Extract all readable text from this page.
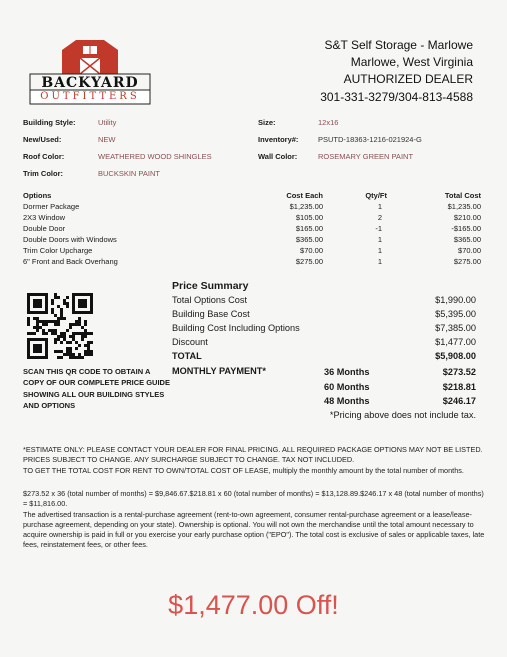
BACKYARD
OUTFITTERS
S&T Self Storage - Marlowe
Marlowe, West Virginia
AUTHORIZED DEALER
301-331-3279/304-813-4588
Building Style:	Utility	Size:	12x16
New/Used:	NEW	Inventory#:	PSUTD-18363-1216-021924-G
Roof Color:	WEATHERED WOOD SHINGLES	Wall Color:	ROSEMARY GREEN PAINT
Trim Color:	BUCKSKIN PAINT
Options	Cost Each	Qty/Ft	Total Cost
Dormer Package	$1,235.00	1	$1,235.00
2X3 Window	$105.00	2	$210.00
Double Door	$165.00	-1	-$165.00
Double Doors with Windows	$365.00	1	$365.00
Trim Color Upcharge	$70.00	1	$70.00
6" Front and Back Overhang	$275.00	1	$275.00
SCAN THIS QR CODE TO OBTAIN A COPY OF OUR COMPLETE PRICE GUIDE SHOWING ALL OUR BUILDING STYLES AND OPTIONS
Price Summary
Total Options Cost	$1,990.00
Building Base Cost	$5,395.00
Building Cost Including Options	$7,385.00
Discount	$1,477.00
TOTAL	$5,908.00
MONTHLY PAYMENT*	36 Months	$273.52
60 Months	$218.81
48 Months	$246.17
*Pricing above does not include tax.
*ESTIMATE ONLY: PLEASE CONTACT YOUR DEALER FOR FINAL PRICING. ALL REQUIRED PACKAGE OPTIONS MAY NOT BE LISTED. PRICES SUBJECT TO CHANGE. ANY SURCHARGE SUBJECT TO CHANGE. TAX NOT INCLUDED.
TO GET THE TOTAL COST FOR RENT TO OWN/TOTAL COST OF LEASE, multiply the monthly amount by the total number of months.
$273.52 x 36 (total number of months) = $9,846.67.$218.81 x 60 (total number of months) = $13,128.89.$246.17 x 48 (total number of months) = $11,816.00.
The advertised transaction is a rental-purchase agreement (rent-to-own agreement, consumer rental-purchase agreement or a lease/lease-purchase agreement, depending on your state). Ownership is optional. You will not own the merchandise until the total amount necessary to acquire ownership is paid in full or you exercise your early purchase option ("EPO"). The total cost is exclusive of sales or applicable taxes, late fees, reinstatement fees, or other fees.
$1,477.00 Off!
